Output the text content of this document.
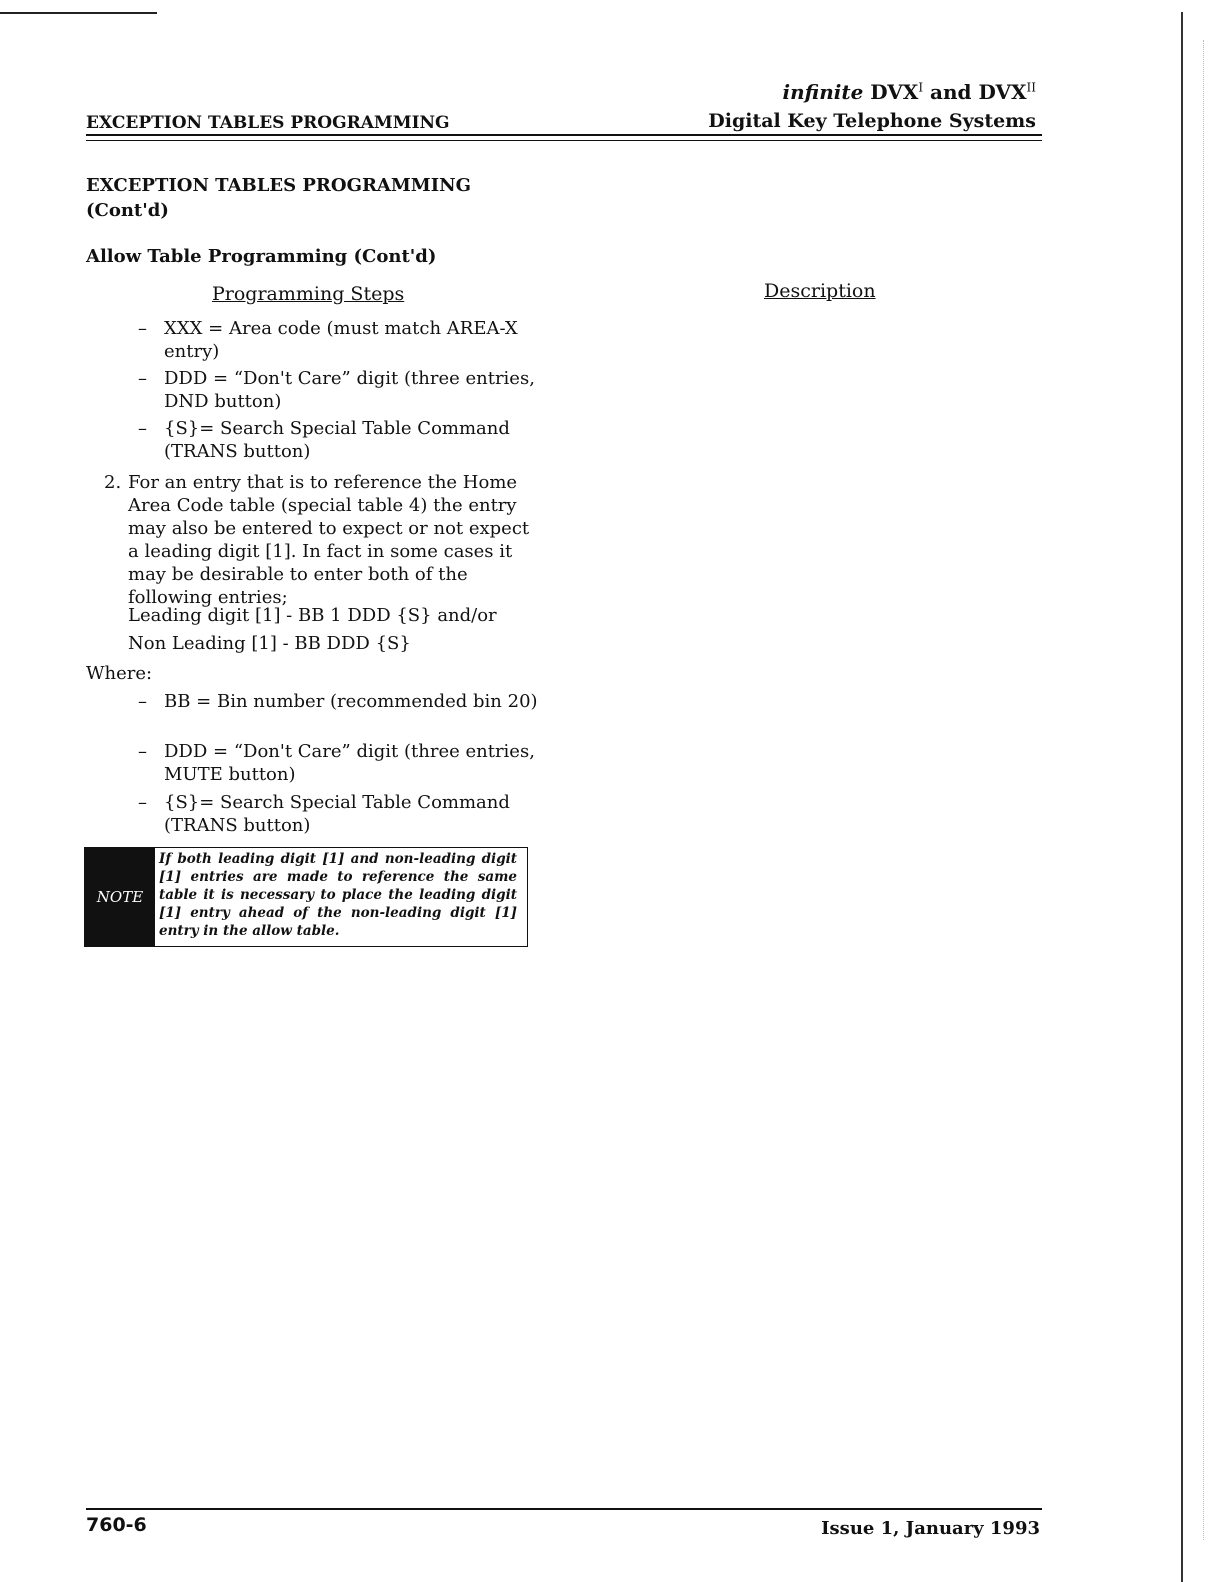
infinite $DVX^I$ and $DVX^{II}$
Digital Key Telephone Systems
EXCEPTION TABLES PROGRAMMING
EXCEPTION TABLES PROGRAMMING
(Cont'd)
Allow Table Programming (Cont'd)
Programming Steps	Description
– XXX = Area code (must match AREA-X entry)
– DDD = “Don't Care” digit (three entries, DND button)
– {S}= Search Special Table Command (TRANS button)
2. For an entry that is to reference the Home Area Code table (special table 4) the entry may also be entered to expect or not expect a leading digit [1]. In fact in some cases it may be desirable to enter both of the following entries;
Leading digit [1] - BB 1 DDD {S} and/or
Non Leading [1] - BB DDD {S}
Where:
– BB = Bin number (recommended bin 20)
– DDD = “Don't Care” digit (three entries, MUTE button)
– {S}= Search Special Table Command (TRANS button)
NOTE
If both leading digit [1] and non-leading digit [1] entries are made to reference the same table it is necessary to place the leading digit [1] entry ahead of the non-leading digit [1] entry in the allow table.
760-6	Issue 1, January 1993
